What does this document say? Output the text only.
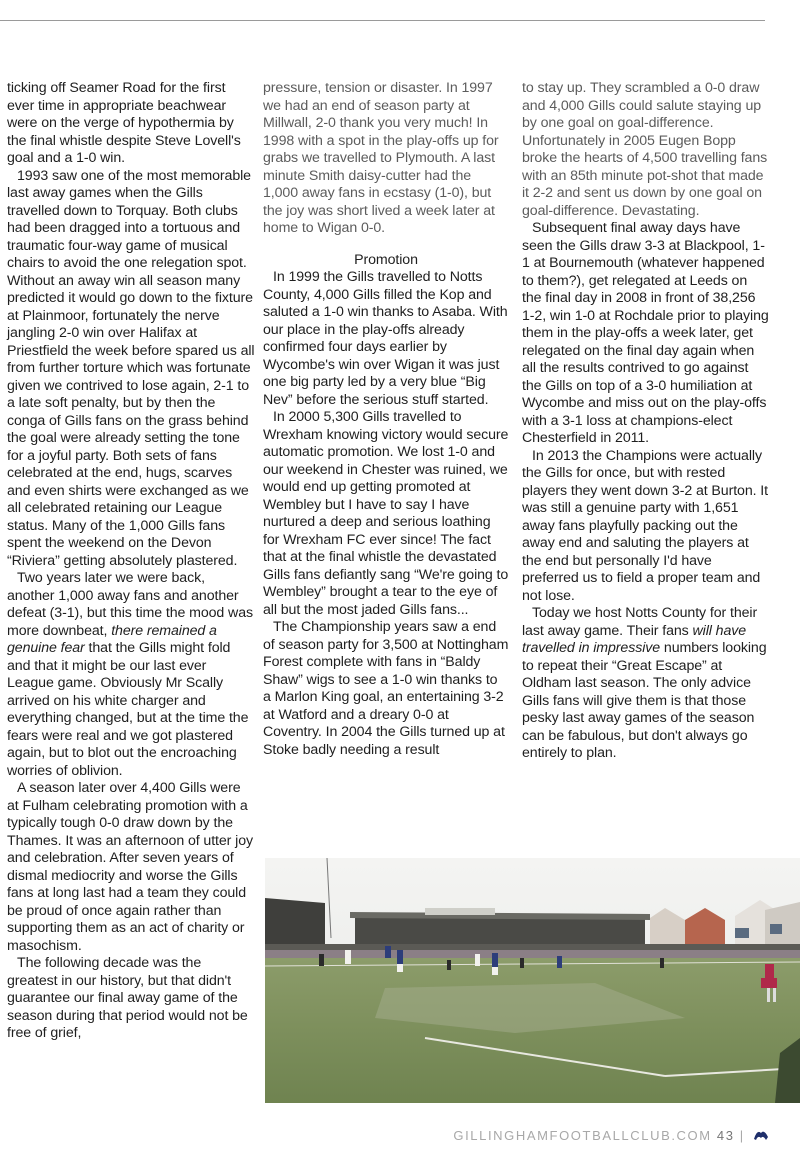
ticking off Seamer Road for the first ever time in appropriate beachwear were on the verge of hypothermia by the final whistle despite Steve Lovell's goal and a 1-0 win.

1993 saw one of the most memorable last away games when the Gills travelled down to Torquay. Both clubs had been dragged into a tortuous and traumatic four-way game of musical chairs to avoid the one relegation spot. Without an away win all season many predicted it would go down to the fixture at Plainmoor, fortunately the nerve jangling 2-0 win over Halifax at Priestfield the week before spared us all from further torture which was fortunate given we contrived to lose again, 2-1 to a late soft penalty, but by then the conga of Gills fans on the grass behind the goal were already setting the tone for a joyful party. Both sets of fans celebrated at the end, hugs, scarves and even shirts were exchanged as we all celebrated retaining our League status. Many of the 1,000 Gills fans spent the weekend on the Devon “Riviera” getting absolutely plastered.

Two years later we were back, another 1,000 away fans and another defeat (3-1), but this time the mood was more downbeat, there remained a genuine fear that the Gills might fold and that it might be our last ever League game. Obviously Mr Scally arrived on his white charger and everything changed, but at the time the fears were real and we got plastered again, but to blot out the encroaching worries of oblivion.

A season later over 4,400 Gills were at Fulham celebrating promotion with a typically tough 0-0 draw down by the Thames. It was an afternoon of utter joy and celebration. After seven years of dismal mediocrity and worse the Gills fans at long last had a team they could be proud of once again rather than supporting them as an act of charity or masochism.

The following decade was the greatest in our history, but that didn't guarantee our final away game of the season during that period would not be free of grief,

pressure, tension or disaster. In 1997 we had an end of season party at Millwall, 2-0 thank you very much! In 1998 with a spot in the play-offs up for grabs we travelled to Plymouth. A last minute Smith daisy-cutter had the 1,000 away fans in ecstasy (1-0), but the joy was short lived a week later at home to Wigan 0-0.

Promotion

In 1999 the Gills travelled to Notts County, 4,000 Gills filled the Kop and saluted a 1-0 win thanks to Asaba. With our place in the play-offs already confirmed four days earlier by Wycombe's win over Wigan it was just one big party led by a very blue “Big Nev” before the serious stuff started.

In 2000 5,300 Gills travelled to Wrexham knowing victory would secure automatic promotion. We lost 1-0 and our weekend in Chester was ruined, we would end up getting promoted at Wembley but I have to say I have nurtured a deep and serious loathing for Wrexham FC ever since! The fact that at the final whistle the devastated Gills fans defiantly sang “We're going to Wembley” brought a tear to the eye of all but the most jaded Gills fans...

The Championship years saw a end of season party for 3,500 at Nottingham Forest complete with fans in “Baldy Shaw” wigs to see a 1-0 win thanks to a Marlon King goal, an entertaining 3-2 at Watford and a dreary 0-0 at Coventry. In 2004 the Gills turned up at Stoke badly needing a result

to stay up. They scrambled a 0-0 draw and 4,000 Gills could salute staying up by one goal on goal-difference. Unfortunately in 2005 Eugen Bopp broke the hearts of 4,500 travelling fans with an 85th minute pot-shot that made it 2-2 and sent us down by one goal on goal-difference. Devastating.

Subsequent final away days have seen the Gills draw 3-3 at Blackpool, 1-1 at Bournemouth (whatever happened to them?), get relegated at Leeds on the final day in 2008 in front of 38,256 1-2, win 1-0 at Rochdale prior to playing them in the play-offs a week later, get relegated on the final day again when all the results contrived to go against the Gills on top of a 3-0 humiliation at Wycombe and miss out on the play-offs with a 3-1 loss at champions-elect Chesterfield in 2011.

In 2013 the Champions were actually the Gills for once, but with rested players they went down 3-2 at Burton. It was still a genuine party with 1,651 away fans playfully packing out the away end and saluting the players at the end but personally I'd have preferred us to field a proper team and not lose.

Today we host Notts County for their last away game. Their fans will have travelled in impressive numbers looking to repeat their “Great Escape” at Oldham last season. The only advice Gills fans will give them is that those pesky last away games of the season can be fabulous, but don't always go entirely to plan.

GILLINGHAMFOOTBALLCLUB.COM 43 |
